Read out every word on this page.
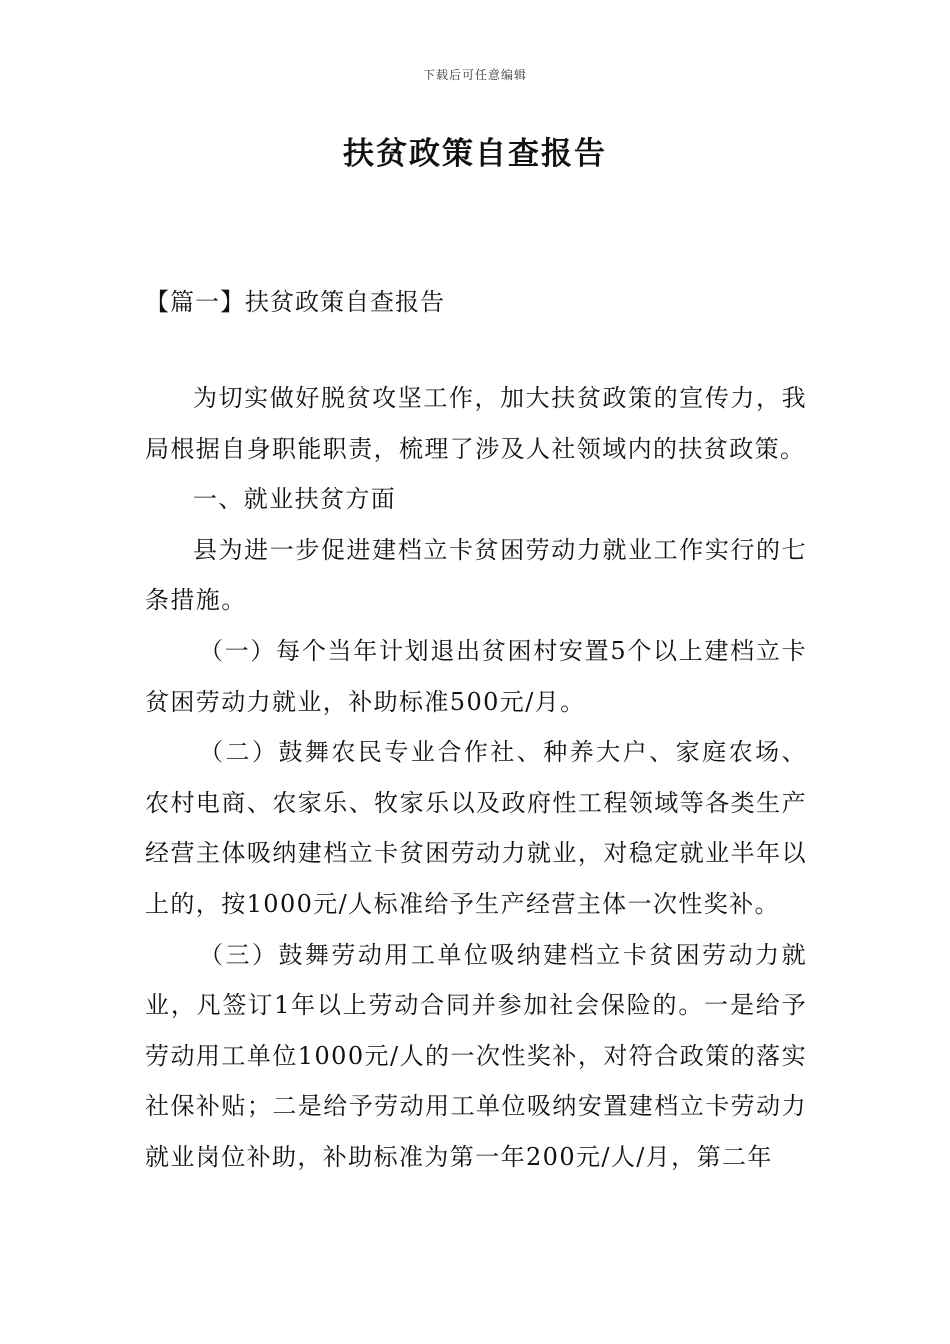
下载后可任意编辑
扶贫政策自查报告
【篇一】扶贫政策自查报告

为切实做好脱贫攻坚工作，加大扶贫政策的宣传力，我局根据自身职能职责，梳理了涉及人社领域内的扶贫政策。

一、就业扶贫方面

县为进一步促进建档立卡贫困劳动力就业工作实行的七条措施。

（一）每个当年计划退出贫困村安置5个以上建档立卡贫困劳动力就业，补助标准500元/月。

（二）鼓舞农民专业合作社、种养大户、家庭农场、农村电商、农家乐、牧家乐以及政府性工程领域等各类生产经营主体吸纳建档立卡贫困劳动力就业，对稳定就业半年以上的，按1000元/人标准给予生产经营主体一次性奖补。

（三）鼓舞劳动用工单位吸纳建档立卡贫困劳动力就业，凡签订1年以上劳动合同并参加社会保险的。一是给予劳动用工单位1000元/人的一次性奖补，对符合政策的落实社保补贴；二是给予劳动用工单位吸纳安置建档立卡劳动力就业岗位补助，补助标准为第一年200元/人/月，第二年
